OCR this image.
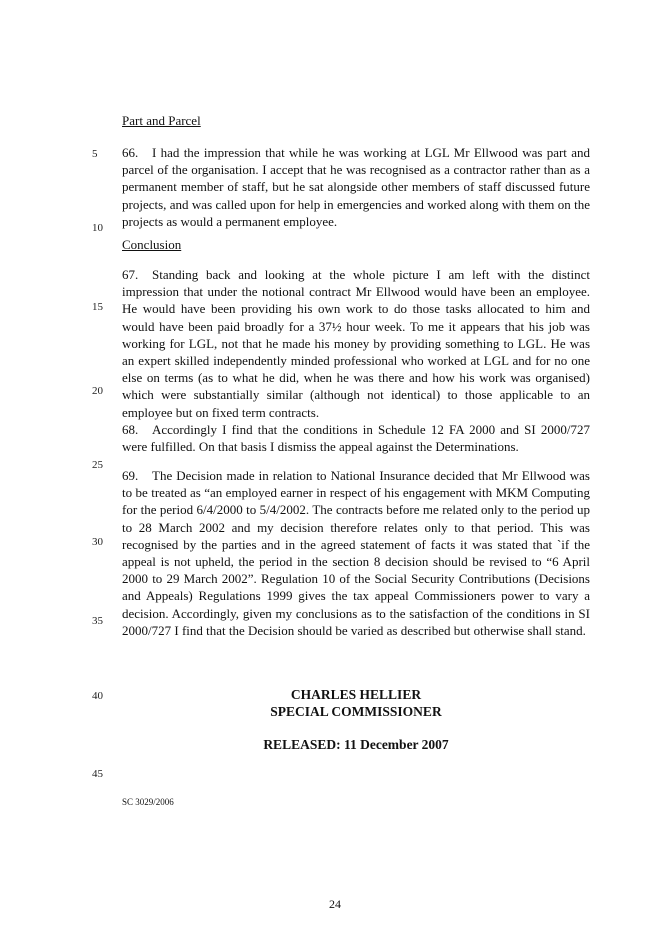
5
10
15
20
25
30
35
40
45
Part and Parcel

66. I had the impression that while he was working at LGL Mr Ellwood was part and parcel of the organisation. I accept that he was recognised as a contractor rather than as a permanent member of staff, but he sat alongside other members of staff discussed future projects, and was called upon for help in emergencies and worked along with them on the projects as would a permanent employee.

Conclusion

67. Standing back and looking at the whole picture I am left with the distinct impression that under the notional contract Mr Ellwood would have been an employee. He would have been providing his own work to do those tasks allocated to him and would have been paid broadly for a 37½ hour week. To me it appears that his job was working for LGL, not that he made his money by providing something to LGL. He was an expert skilled independently minded professional who worked at LGL and for no one else on terms (as to what he did, when he was there and how his work was organised) which were substantially similar (although not identical) to those applicable to an employee but on fixed term contracts.

68. Accordingly I find that the conditions in Schedule 12 FA 2000 and SI 2000/727 were fulfilled. On that basis I dismiss the appeal against the Determinations.

69. The Decision made in relation to National Insurance decided that Mr Ellwood was to be treated as “an employed earner in respect of his engagement with MKM Computing for the period 6/4/2000 to 5/4/2002. The contracts before me related only to the period up to 28 March 2002 and my decision therefore relates only to that period. This was recognised by the parties and in the agreed statement of facts it was stated that `if the appeal is not upheld, the period in the section 8 decision should be revised to “6 April 2000 to 29 March 2002”. Regulation 10 of the Social Security Contributions (Decisions and Appeals) Regulations 1999 gives the tax appeal Commissioners power to vary a decision. Accordingly, given my conclusions as to the satisfaction of the conditions in SI 2000/727 I find that the Decision should be varied as described but otherwise shall stand.

CHARLES HELLIER
SPECIAL COMMISSIONER
RELEASED: 11 December 2007
SC 3029/2006
24
